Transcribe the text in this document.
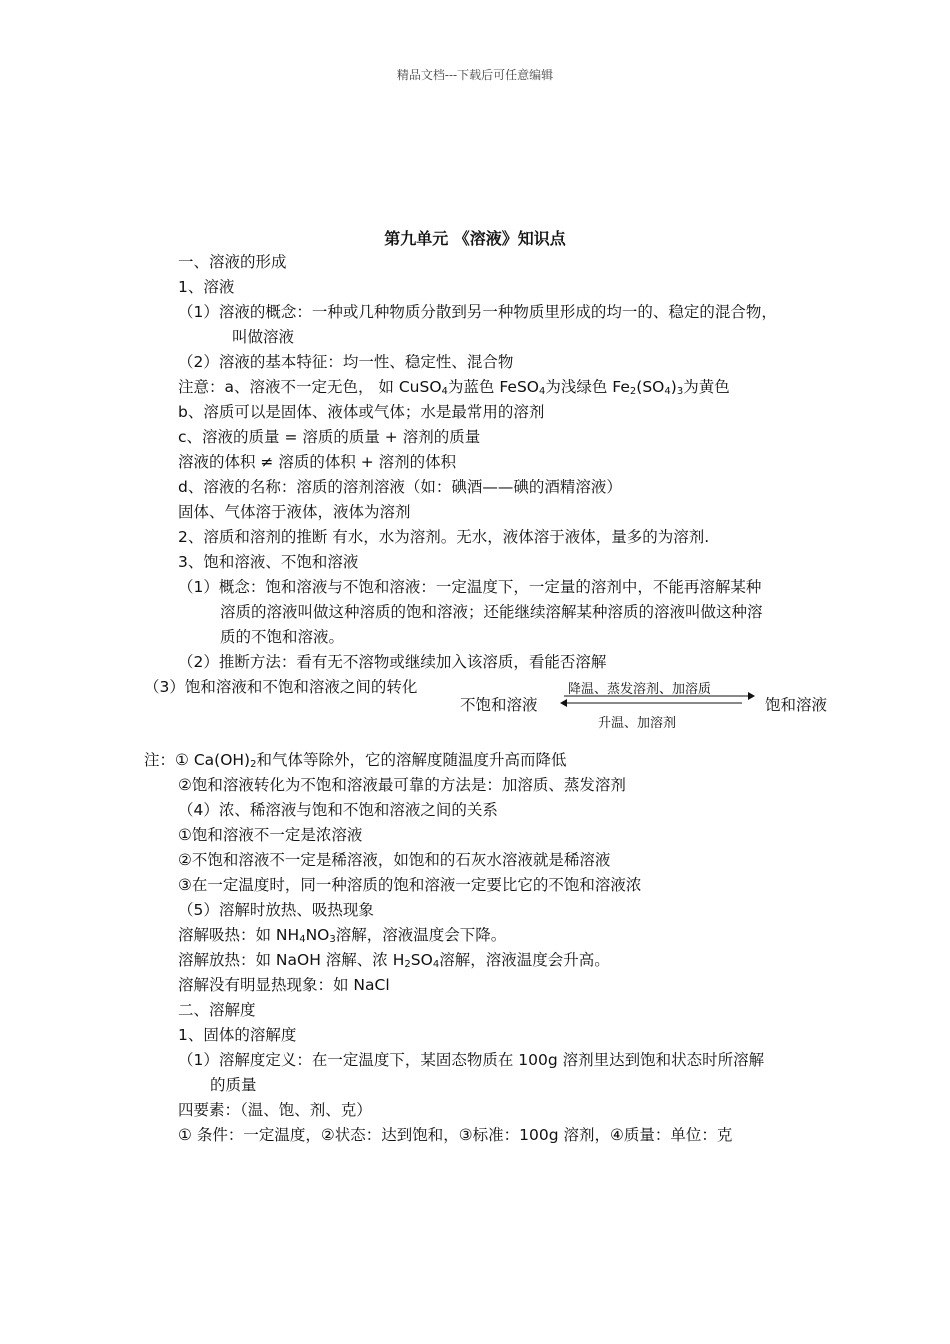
精品文档---下载后可任意编辑
第九单元 《溶液》知识点
一、溶液的形成
1、溶液
（1）溶液的概念：一种或几种物质分散到另一种物质里形成的均一的、稳定的混合物，
叫做溶液
（2）溶液的基本特征：均一性、稳定性、混合物
注意：a、溶液不一定无色， 如 CuSO$_4$为蓝色 FeSO$_4$为浅绿色 $Fe_2(SO_4)_3$为黄色
b、溶质可以是固体、液体或气体；水是最常用的溶剂
c、溶液的质量 = 溶质的质量 + 溶剂的质量
溶液的体积 ≠ 溶质的体积 + 溶剂的体积
d、溶液的名称：溶质的溶剂溶液（如：碘酒——碘的酒精溶液）
固体、气体溶于液体，液体为溶剂
2、溶质和溶剂的推断 有水，水为溶剂。无水，液体溶于液体，量多的为溶剂.
3、饱和溶液、不饱和溶液
（1）概念：饱和溶液与不饱和溶液：一定温度下，一定量的溶剂中，不能再溶解某种
溶质的溶液叫做这种溶质的饱和溶液；还能继续溶解某种溶质的溶液叫做这种溶
质的不饱和溶液。
（2）推断方法：看有无不溶物或继续加入该溶质，看能否溶解
（3）饱和溶液和不饱和溶液之间的转化
不饱和溶液	饱和溶液
降温、蒸发溶剂、加溶质
升温、加溶剂
注：① $Ca(OH)_2$和气体等除外，它的溶解度随温度升高而降低
②饱和溶液转化为不饱和溶液最可靠的方法是：加溶质、蒸发溶剂
（4）浓、稀溶液与饱和不饱和溶液之间的关系
①饱和溶液不一定是浓溶液
②不饱和溶液不一定是稀溶液，如饱和的石灰水溶液就是稀溶液
③在一定温度时，同一种溶质的饱和溶液一定要比它的不饱和溶液浓
（5）溶解时放热、吸热现象
溶解吸热：如 $NH_4NO_3$溶解，溶液温度会下降。
溶解放热：如 NaOH 溶解、浓 $H_2SO_4$溶解，溶液温度会升高。
溶解没有明显热现象：如 NaCl
二、溶解度
1、固体的溶解度
（1）溶解度定义：在一定温度下，某固态物质在 100g 溶剂里达到饱和状态时所溶解
的质量
四要素：（温、饱、剂、克）
① 条件：一定温度，②状态：达到饱和，③标准：100g 溶剂，④质量：单位：克
